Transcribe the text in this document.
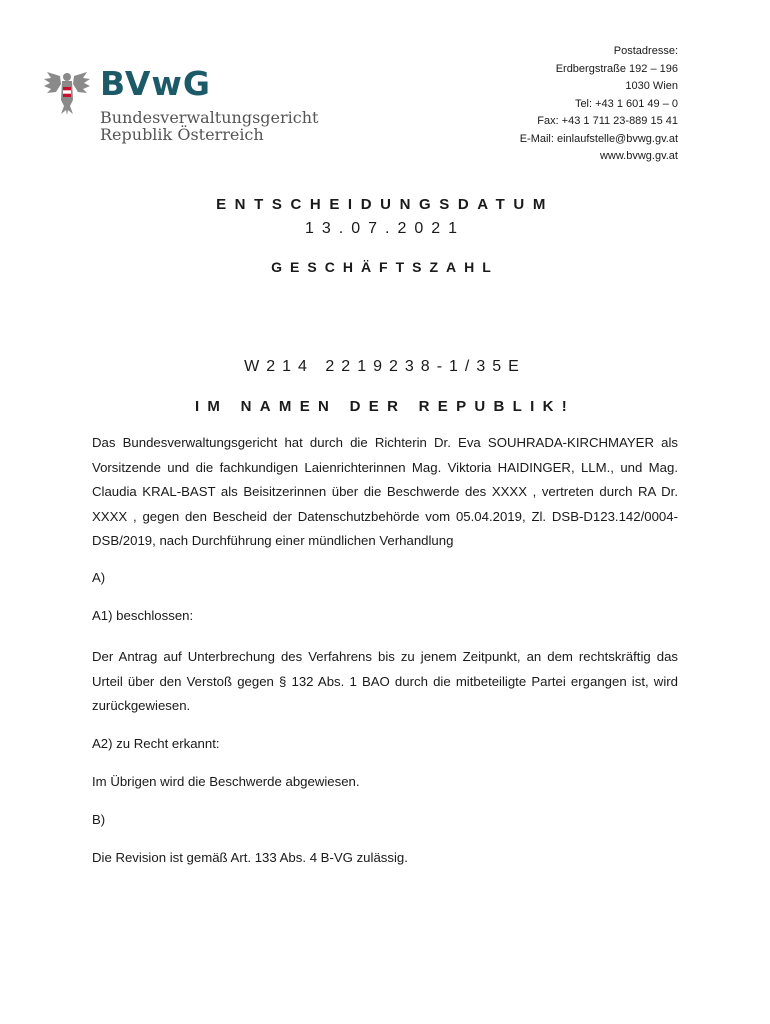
BVwG
Bundesverwaltungsgericht
Republik Österreich
Postadresse:
Erdbergstraße 192 – 196
1030 Wien
Tel: +43 1 601 49 – 0
Fax: +43 1 711 23-889 15 41
E-Mail: einlaufstelle@bvwg.gv.at
www.bvwg.gv.at
ENTSCHEIDUNGSDATUM
13.07.2021
GESCHÄFTSZAHL
W214 2219238-1/35E
IM NAMEN DER REPUBLIK!
Das Bundesverwaltungsgericht hat durch die Richterin Dr. Eva SOUHRADA-KIRCHMAYER als Vorsitzende und die fachkundigen Laienrichterinnen Mag. Viktoria HAIDINGER, LLM., und Mag. Claudia KRAL-BAST als Beisitzerinnen über die Beschwerde des XXXX , vertreten durch RA Dr. XXXX , gegen den Bescheid der Datenschutzbehörde vom 05.04.2019, Zl. DSB-D123.142/0004-DSB/2019, nach Durchführung einer mündlichen Verhandlung
A)
A1) beschlossen:
Der Antrag auf Unterbrechung des Verfahrens bis zu jenem Zeitpunkt, an dem rechtskräftig das Urteil über den Verstoß gegen § 132 Abs. 1 BAO durch die mitbeteiligte Partei ergangen ist, wird zurückgewiesen.
A2) zu Recht erkannt:
Im Übrigen wird die Beschwerde abgewiesen.
B)
Die Revision ist gemäß Art. 133 Abs. 4 B-VG zulässig.
